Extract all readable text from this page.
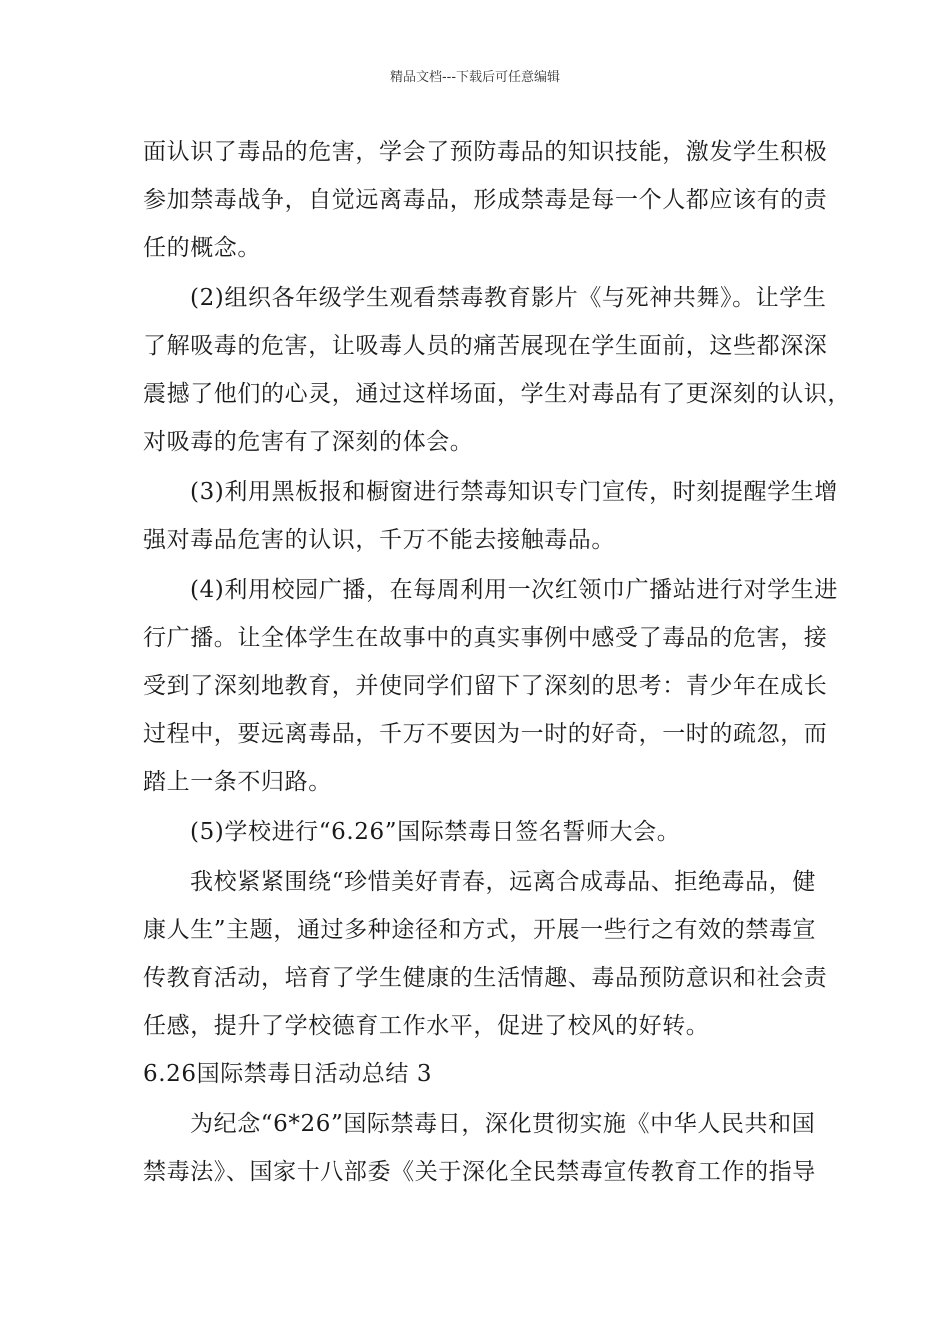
精品文档---下载后可任意编辑
面认识了毒品的危害，学会了预防毒品的知识技能，激发学生积极
参加禁毒战争，自觉远离毒品，形成禁毒是每一个人都应该有的责
任的概念。
(2)组织各年级学生观看禁毒教育影片《与死神共舞》。让学生
了解吸毒的危害，让吸毒人员的痛苦展现在学生面前，这些都深深
震撼了他们的心灵，通过这样场面，学生对毒品有了更深刻的认识，
对吸毒的危害有了深刻的体会。
(3)利用黑板报和橱窗进行禁毒知识专门宣传，时刻提醒学生增
强对毒品危害的认识，千万不能去接触毒品。
(4)利用校园广播，在每周利用一次红领巾广播站进行对学生进
行广播。让全体学生在故事中的真实事例中感受了毒品的危害，接
受到了深刻地教育，并使同学们留下了深刻的思考：青少年在成长
过程中，要远离毒品，千万不要因为一时的好奇，一时的疏忽，而
踏上一条不归路。
(5)学校进行“6.26”国际禁毒日签名誓师大会。
我校紧紧围绕“珍惜美好青春，远离合成毒品、拒绝毒品，健
康人生”主题，通过多种途径和方式，开展一些行之有效的禁毒宣
传教育活动，培育了学生健康的生活情趣、毒品预防意识和社会责
任感，提升了学校德育工作水平，促进了校风的好转。
6.26国际禁毒日活动总结 3
为纪念“6*26”国际禁毒日，深化贯彻实施《中华人民共和国
禁毒法》、国家十八部委《关于深化全民禁毒宣传教育工作的指导
